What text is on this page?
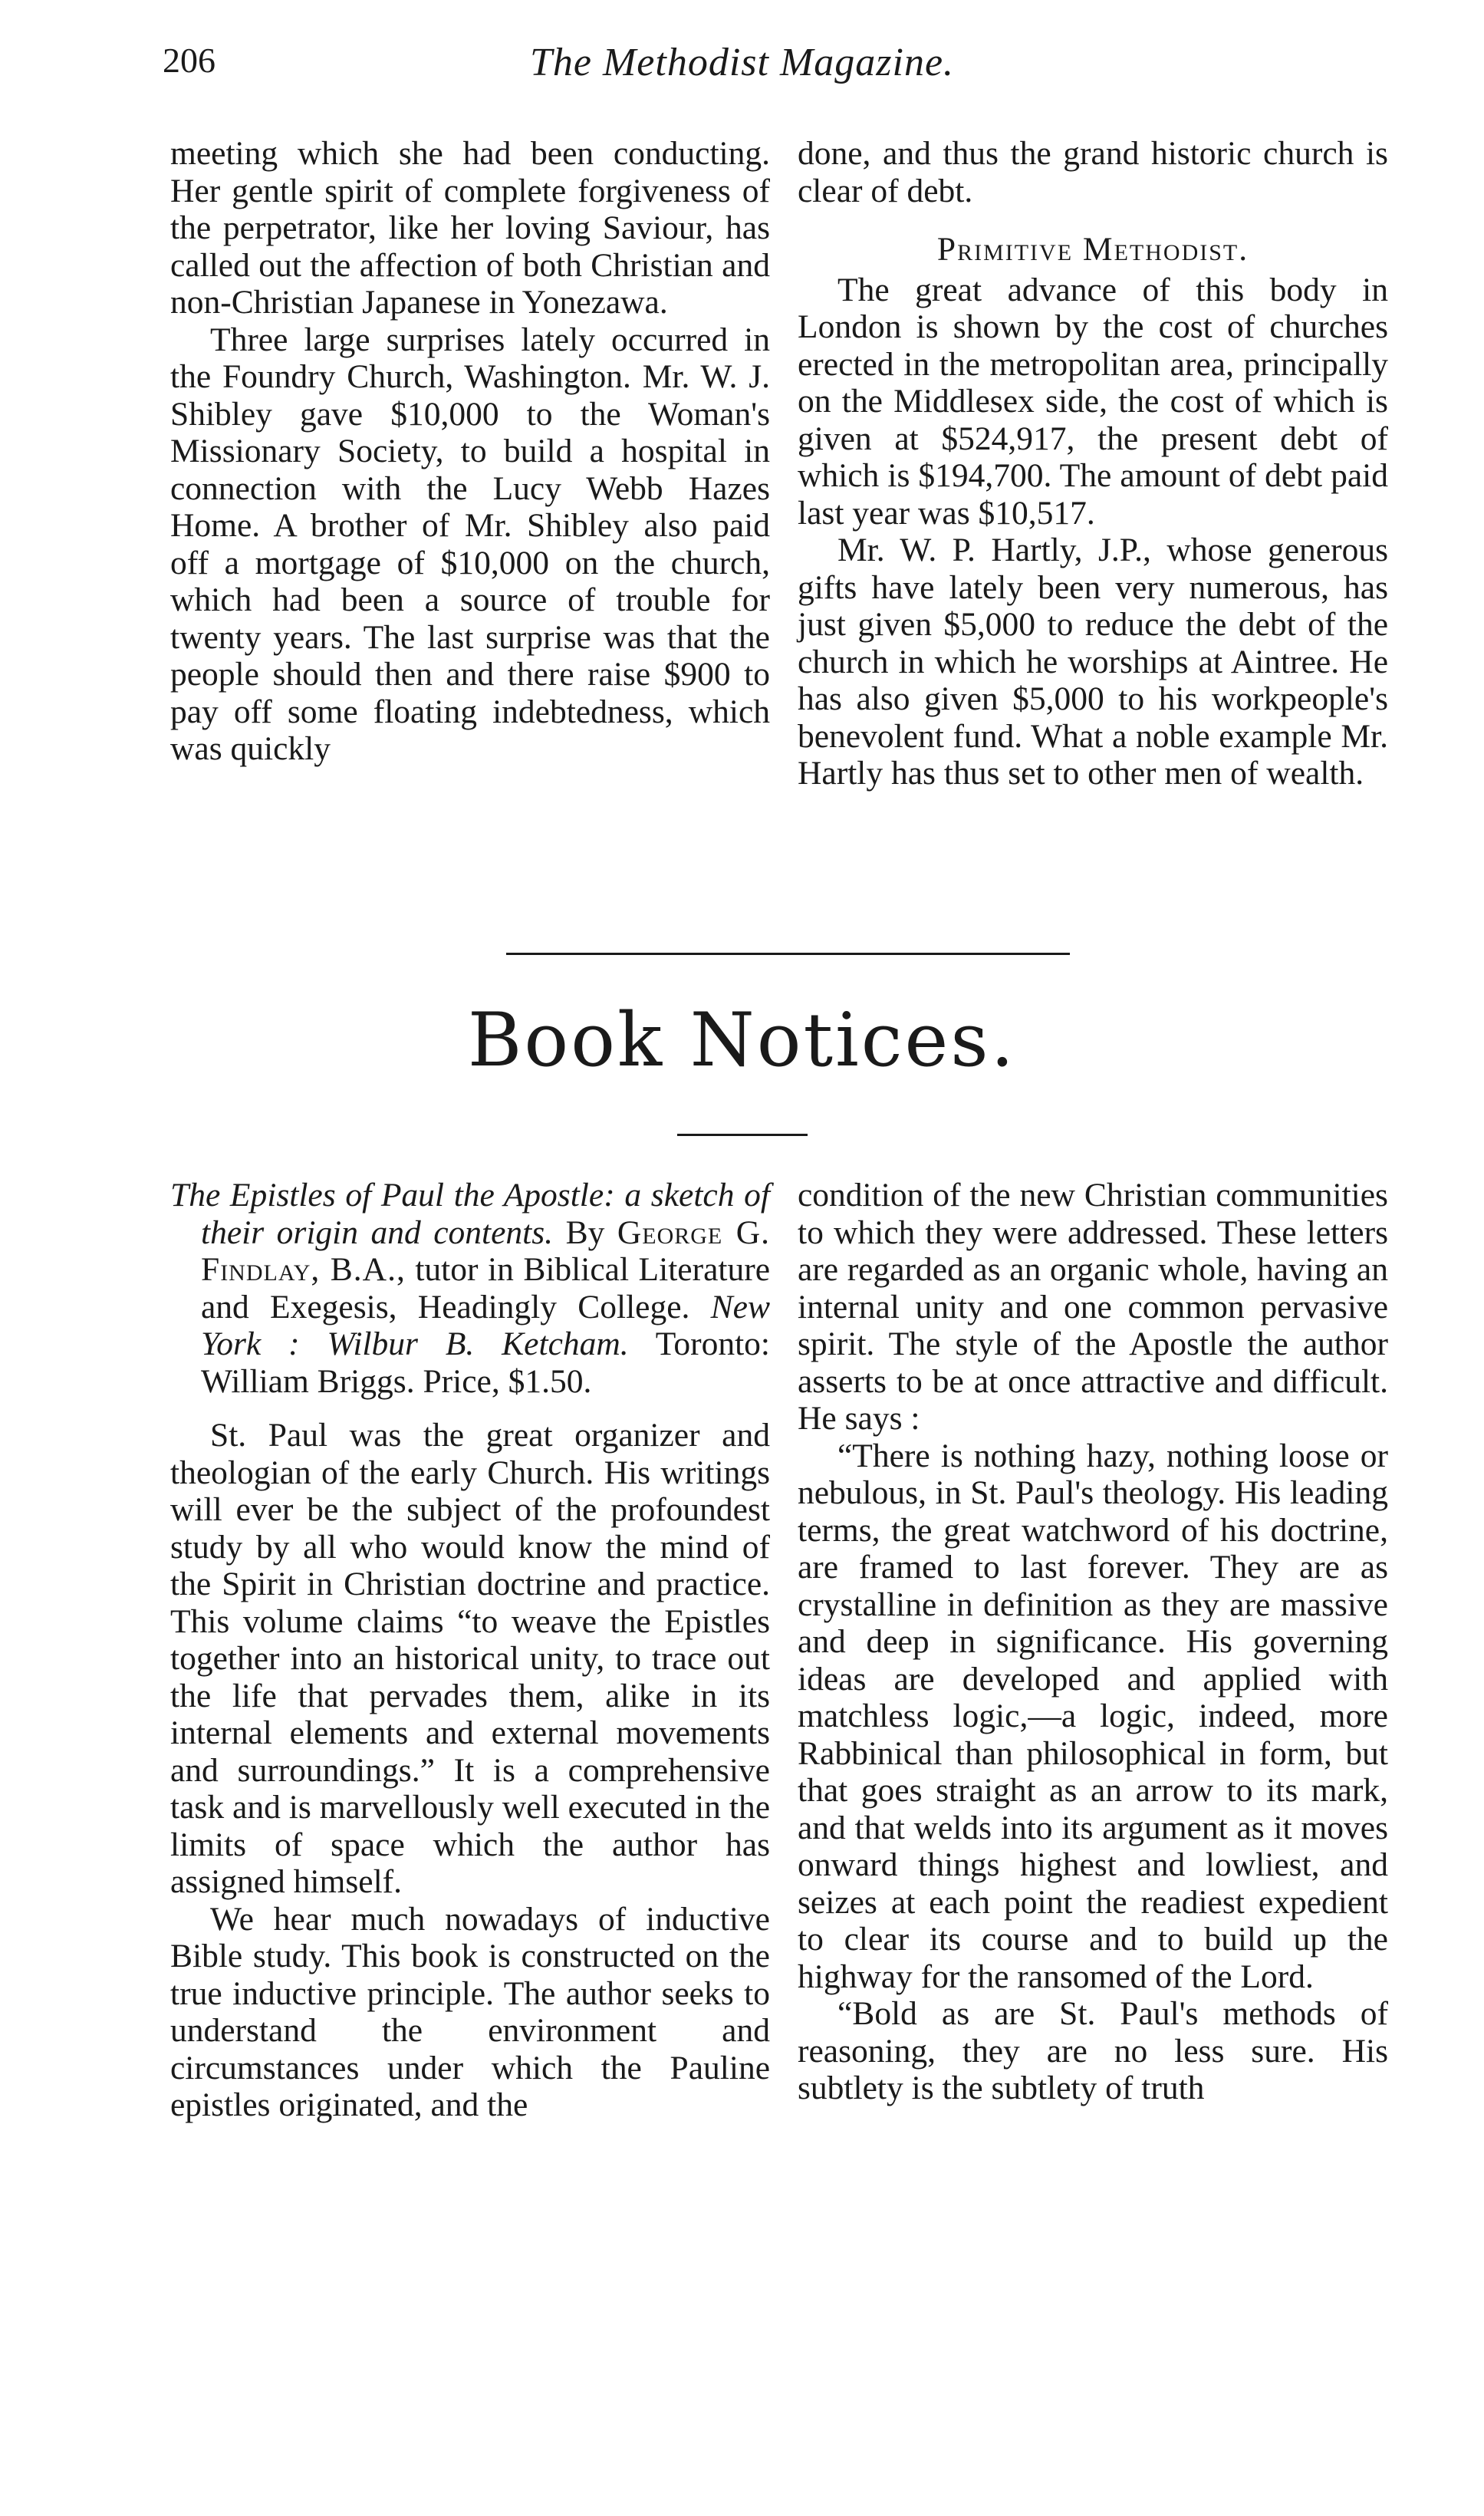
206	The Methodist Magazine.

meeting which she had been conducting. Her gentle spirit of complete forgiveness of the perpetrator, like her loving Saviour, has called out the affection of both Christian and non-Christian Japanese in Yonezawa.

Three large surprises lately occurred in the Foundry Church, Washington. Mr. W. J. Shibley gave $10,000 to the Woman's Missionary Society, to build a hospital in connection with the Lucy Webb Hazes Home. A brother of Mr. Shibley also paid off a mortgage of $10,000 on the church, which had been a source of trouble for twenty years. The last surprise was that the people should then and there raise $900 to pay off some floating indebtedness, which was quickly

done, and thus the grand historic church is clear of debt.

Primitive Methodist.

The great advance of this body in London is shown by the cost of churches erected in the metropolitan area, principally on the Middlesex side, the cost of which is given at $524,917, the present debt of which is $194,700. The amount of debt paid last year was $10,517.

Mr. W. P. Hartly, J.P., whose generous gifts have lately been very numerous, has just given $5,000 to reduce the debt of the church in which he worships at Aintree. He has also given $5,000 to his workpeople's benevolent fund. What a noble example Mr. Hartly has thus set to other men of wealth.

Book Notices.

The Epistles of Paul the Apostle: a sketch of their origin and contents. By George G. Findlay, B.A., tutor in Biblical Literature and Exegesis, Headingly College. New York : Wilbur B. Ketcham. Toronto: William Briggs. Price, $1.50.

St. Paul was the great organizer and theologian of the early Church. His writings will ever be the subject of the profoundest study by all who would know the mind of the Spirit in Christian doctrine and practice. This volume claims “to weave the Epistles together into an historical unity, to trace out the life that pervades them, alike in its internal elements and external movements and surroundings.” It is a comprehensive task and is marvellously well executed in the limits of space which the author has assigned himself.

We hear much nowadays of inductive Bible study. This book is constructed on the true inductive principle. The author seeks to understand the environment and circumstances under which the Pauline epistles originated, and the

condition of the new Christian communities to which they were addressed. These letters are regarded as an organic whole, having an internal unity and one common pervasive spirit. The style of the Apostle the author asserts to be at once attractive and difficult. He says :

“There is nothing hazy, nothing loose or nebulous, in St. Paul's theology. His leading terms, the great watchword of his doctrine, are framed to last forever. They are as crystalline in definition as they are massive and deep in significance. His governing ideas are developed and applied with matchless logic,—a logic, indeed, more Rabbinical than philosophical in form, but that goes straight as an arrow to its mark, and that welds into its argument as it moves onward things highest and lowliest, and seizes at each point the readiest expedient to clear its course and to build up the highway for the ransomed of the Lord.

“Bold as are St. Paul's methods of reasoning, they are no less sure. His subtlety is the subtlety of truth
